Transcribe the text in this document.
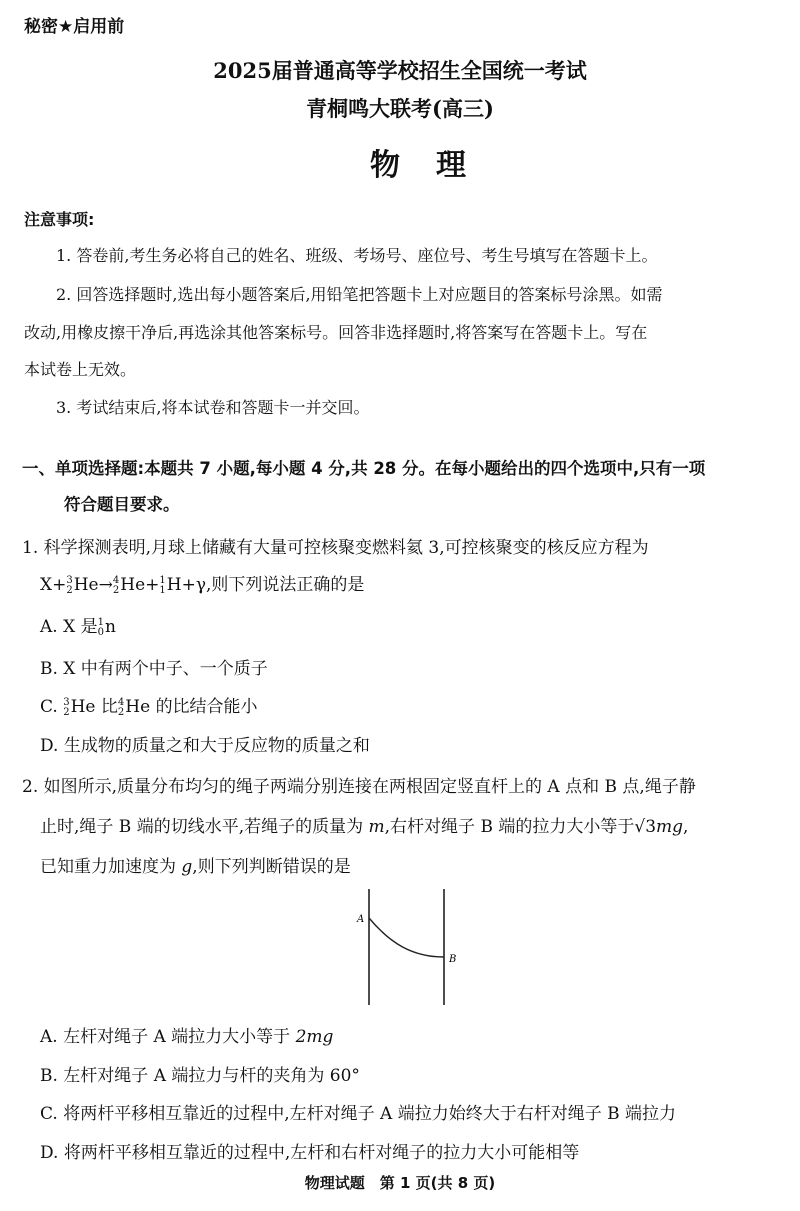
秘密★启用前
2025届普通高等学校招生全国统一考试
青桐鸣大联考(高三)
物理
注意事项:
1. 答卷前,考生务必将自己的姓名、班级、考场号、座位号、考生号填写在答题卡上。
2. 回答选择题时,选出每小题答案后,用铅笔把答题卡上对应题目的答案标号涂黑。如需
改动,用橡皮擦干净后,再选涂其他答案标号。回答非选择题时,将答案写在答题卡上。写在
本试卷上无效。
3. 考试结束后,将本试卷和答题卡一并交回。
一、单项选择题:本题共 7 小题,每小题 4 分,共 28 分。在每小题给出的四个选项中,只有一项
符合题目要求。
1. 科学探测表明,月球上储藏有大量可控核聚变燃料氦 3,可控核聚变的核反应方程为
X+ 3
2 He→ 4
2 He+ 1
1 H+γ,则下列说法正确的是
A. X 是 1
0 n
B. X 中有两个中子、一个质子
C. 3
2 He 比 4
2 He 的比结合能小
D. 生成物的质量之和大于反应物的质量之和
2. 如图所示,质量分布均匀的绳子两端分别连接在两根固定竖直杆上的 A 点和 B 点,绳子静
止时,绳子 B 端的切线水平,若绳子的质量为 m,右杆对绳子 B 端的拉力大小等于√3mg,
已知重力加速度为 g,则下列判断错误的是
A
B
A. 左杆对绳子 A 端拉力大小等于 2mg
B. 左杆对绳子 A 端拉力与杆的夹角为 60°
C. 将两杆平移相互靠近的过程中,左杆对绳子 A 端拉力始终大于右杆对绳子 B 端拉力
D. 将两杆平移相互靠近的过程中,左杆和右杆对绳子的拉力大小可能相等
物理试题　第 1 页(共 8 页)
